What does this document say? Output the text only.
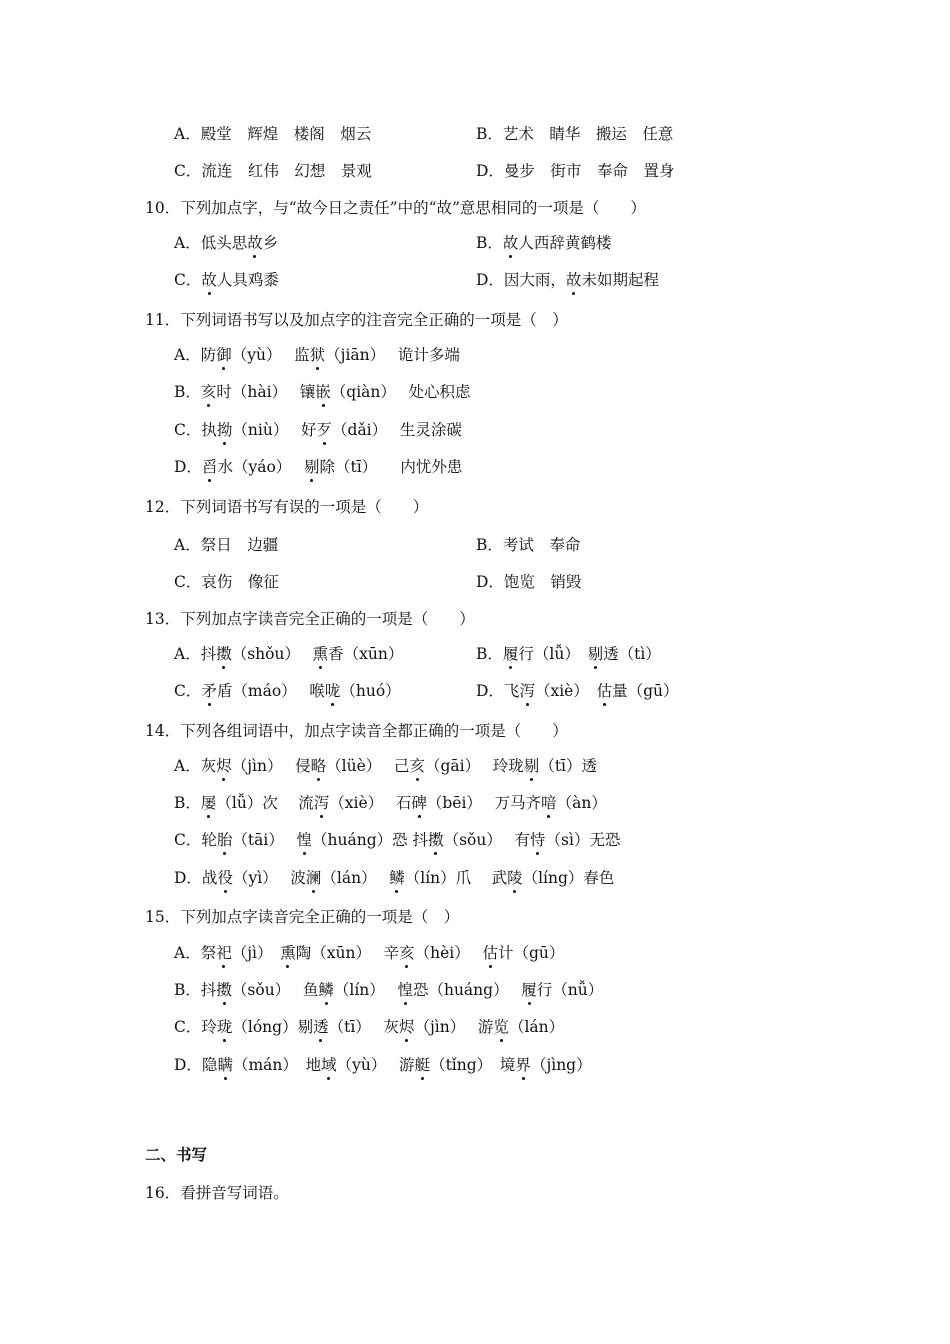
A．殿堂　辉煌　楼阁　烟云	B．艺术　睛华　搬运　任意
C．流连　红伟　幻想　景观	D．曼步　街市　奉命　置身
10．下列加点字，与“故今日之责任”中的“故”意思相同的一项是（　　）
A．低头思故乡	B．故人西辞黄鹤楼
C．故人具鸡黍	D．因大雨，故未如期起程
11．下列词语书写以及加点字的注音完全正确的一项是（　）
A．防御（yù）　 监狱（jiān）　 诡计多端
B．亥时（hài）　 镶嵌（qiàn）　 处心积虑
C．执拗（niù）　 好歹（dǎi）　 生灵涂碳
D．舀水（yáo）　 剔除（tī）　　内忧外患
12．下列词语书写有误的一项是（　　）
A．祭日　边疆	B．考试　奉命
C．哀伤　像征	D．饱览　销毁
13．下列加点字读音完全正确的一项是（　　）
A．抖擞（shǒu）　 熏香（xūn）	B．履行（lǚ）　剔透（tì）
C．矛盾（máo）　 喉咙（huó）	D．飞泻（xiè）　估量（gū）
14．下列各组词语中，加点字读音全都正确的一项是（　　）
A．灰烬（jìn）　 侵略（lüè）　 己亥（gāi）　 玲珑剔（tī）透
B．屡（lǚ）次　 流泻（xiè）　 石碑（bēi）　 万马齐喑（àn）
C．轮胎（tāi）　 惶（huáng）恐 抖擞（sǒu）　 有恃（sì）无恐
D．战役（yì）　 波澜（lán）　 鳞（lín）爪　 武陵（líng）春色
15．下列加点字读音完全正确的一项是（　）
A．祭祀（jì）　熏陶（xūn）　 辛亥（hèi）　 估计（gū）
B．抖擞（sǒu）　 鱼鳞（lín）　 惶恐（huáng）　 履行（nǚ）
C．玲珑（lóng）剔透（tī）　 灰烬（jìn）　 游览（lán）
D．隐瞒（mán）　地域（yù）　 游艇（tǐng）　境界（jìng）
二、书写
16．看拼音写词语。
